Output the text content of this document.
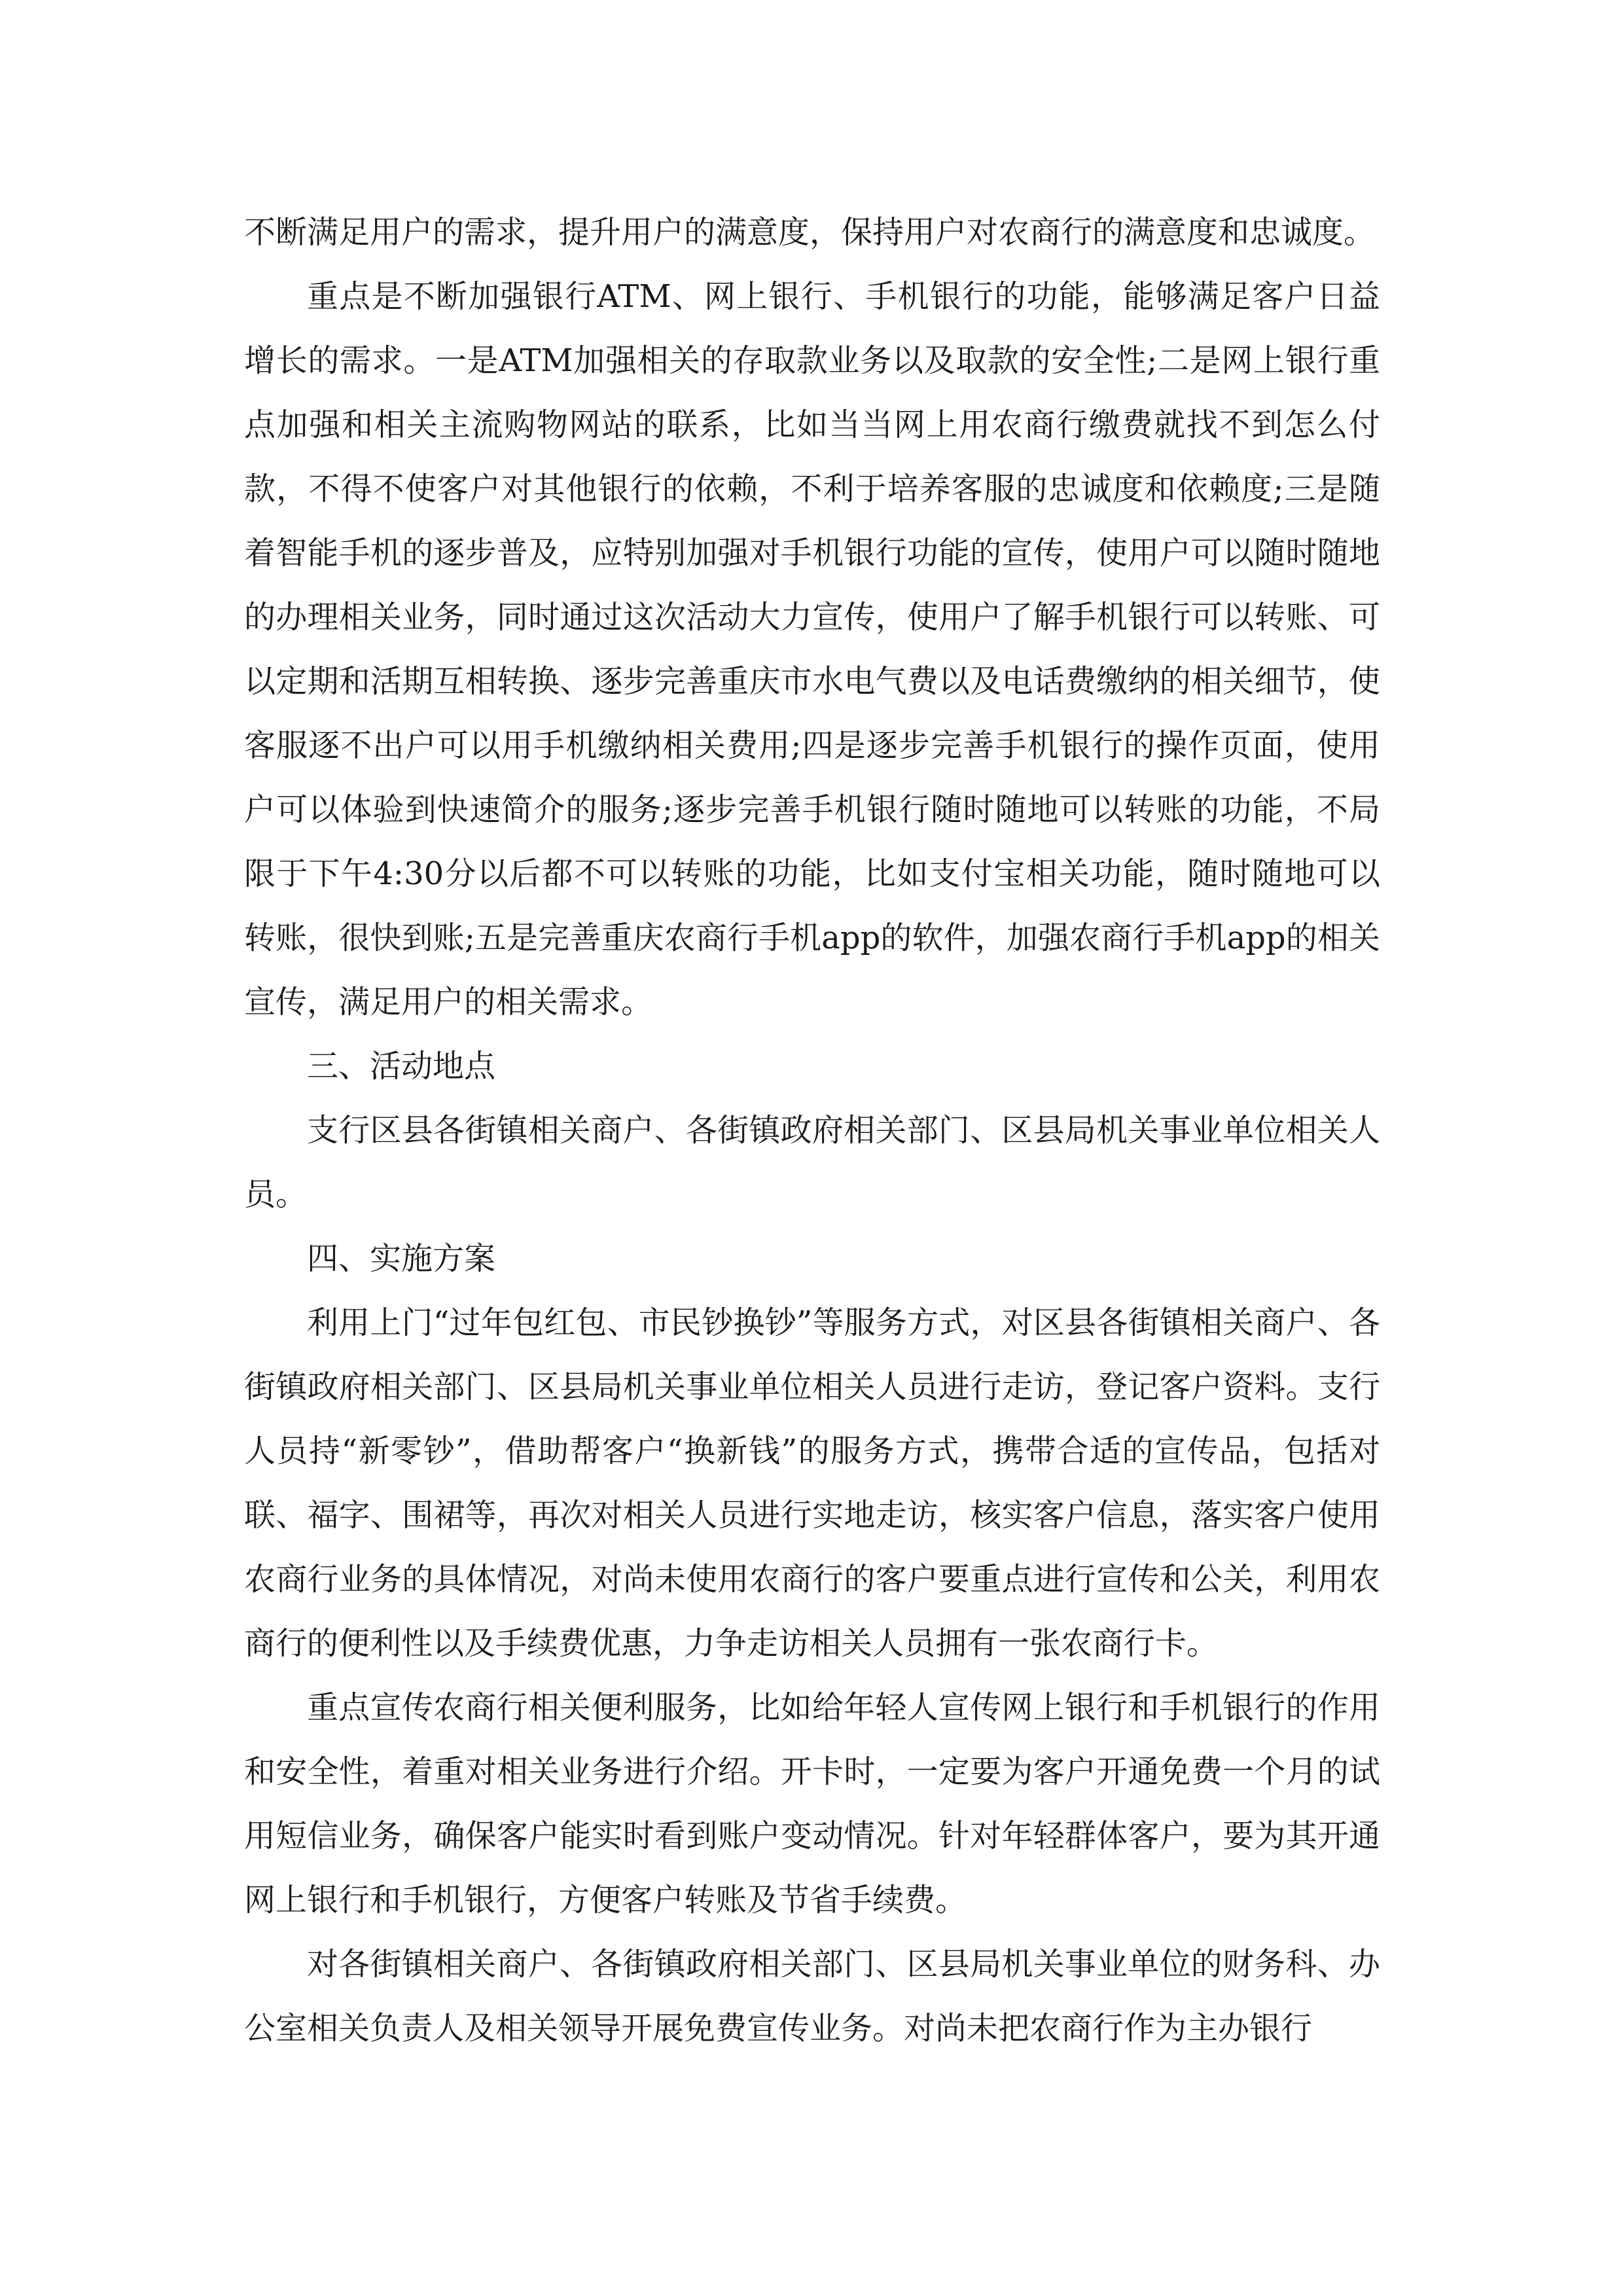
不断满足用户的需求，提升用户的满意度，保持用户对农商行的满意度和忠诚度。

重点是不断加强银行ATM、网上银行、手机银行的功能，能够满足客户日益增长的需求。一是ATM加强相关的存取款业务以及取款的安全性;二是网上银行重点加强和相关主流购物网站的联系，比如当当网上用农商行缴费就找不到怎么付款，不得不使客户对其他银行的依赖，不利于培养客服的忠诚度和依赖度;三是随着智能手机的逐步普及，应特别加强对手机银行功能的宣传，使用户可以随时随地的办理相关业务，同时通过这次活动大力宣传，使用户了解手机银行可以转账、可以定期和活期互相转换、逐步完善重庆市水电气费以及电话费缴纳的相关细节，使客服逐不出户可以用手机缴纳相关费用;四是逐步完善手机银行的操作页面，使用户可以体验到快速简介的服务;逐步完善手机银行随时随地可以转账的功能，不局限于下午4:30分以后都不可以转账的功能，比如支付宝相关功能，随时随地可以转账，很快到账;五是完善重庆农商行手机app的软件，加强农商行手机app的相关宣传，满足用户的相关需求。

三、活动地点

支行区县各街镇相关商户、各街镇政府相关部门、区县局机关事业单位相关人员。

四、实施方案

利用上门“过年包红包、市民钞换钞”等服务方式，对区县各街镇相关商户、各街镇政府相关部门、区县局机关事业单位相关人员进行走访，登记客户资料。支行人员持“新零钞”，借助帮客户“换新钱”的服务方式，携带合适的宣传品，包括对联、福字、围裙等，再次对相关人员进行实地走访，核实客户信息，落实客户使用农商行业务的具体情况，对尚未使用农商行的客户要重点进行宣传和公关，利用农商行的便利性以及手续费优惠，力争走访相关人员拥有一张农商行卡。

重点宣传农商行相关便利服务，比如给年轻人宣传网上银行和手机银行的作用和安全性，着重对相关业务进行介绍。开卡时，一定要为客户开通免费一个月的试用短信业务，确保客户能实时看到账户变动情况。针对年轻群体客户，要为其开通网上银行和手机银行，方便客户转账及节省手续费。

对各街镇相关商户、各街镇政府相关部门、区县局机关事业单位的财务科、办公室相关负责人及相关领导开展免费宣传业务。对尚未把农商行作为主办银行
